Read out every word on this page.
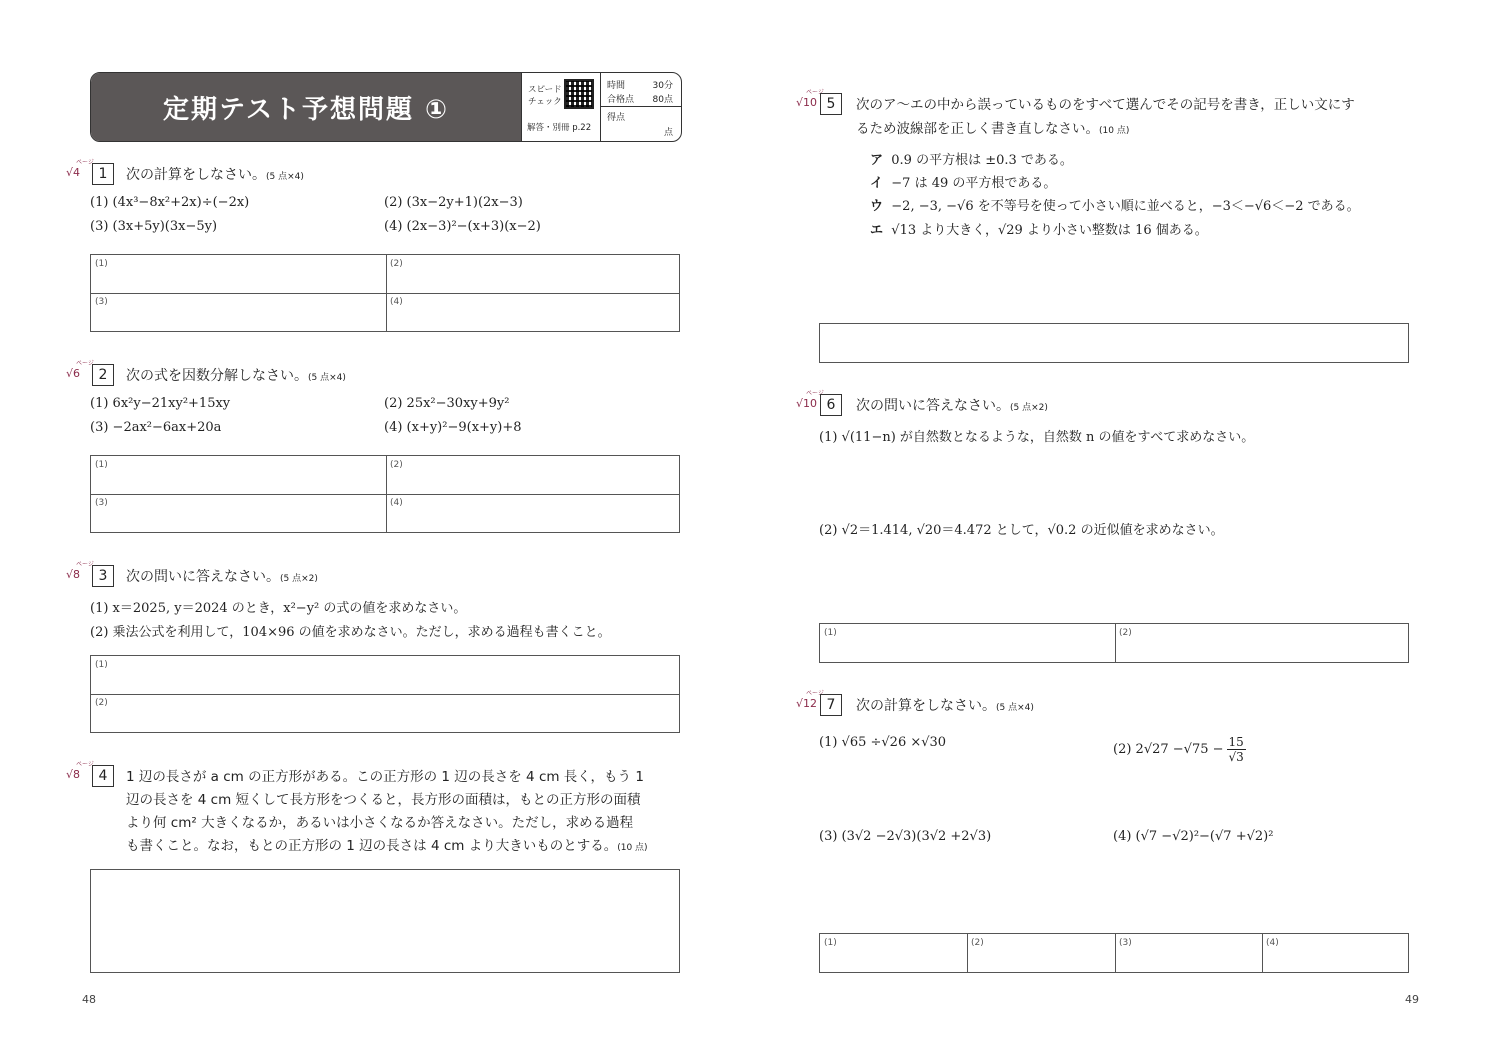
定期テスト予想問題 ①
スピード
チェック
解答・別冊 p.22
時間	30分
合格点 80点
得点
点
ページ
√4	1	次の計算をしなさい。(5 点×4)
(1) (4x³−8x²+2x)÷(−2x)	(2) (3x−2y+1)(2x−3)
(3) (3x+5y)(3x−5y)	(4) (2x−3)²−(x+3)(x−2)
(1)	(2)
(3)	(4)
ページ
√6	2	次の式を因数分解しなさい。(5 点×4)
(1) 6x²y−21xy²+15xy	(2) 25x²−30xy+9y²
(3) −2ax²−6ax+20a	(4) (x+y)²−9(x+y)+8
(1)	(2)
(3)	(4)
ページ
√8	3	次の問いに答えなさい。(5 点×2)
(1) x＝2025, y＝2024 のとき，x²−y² の式の値を求めなさい。
(2) 乗法公式を利用して，104×96 の値を求めなさい。ただし，求める過程も書くこと。
(1)
(2)
ページ
√8	4	1 辺の長さが a cm の正方形がある。この正方形の 1 辺の長さを 4 cm 長く，もう 1
辺の長さを 4 cm 短くして長方形をつくると，長方形の面積は，もとの正方形の面積
より何 cm² 大きくなるか，あるいは小さくなるか答えなさい。ただし，求める過程
も書くこと。なお，もとの正方形の 1 辺の長さは 4 cm より大きいものとする。(10 点)
48
ページ
√10 5	次のア〜エの中から誤っているものをすべて選んでその記号を書き，正しい文にす
るため波線部を正しく書き直しなさい。(10 点)
ア 0.9 の平方根は ±0.3 である。
イ −7 は 49 の平方根である。
ウ −2, −3, −√6 を不等号を使って小さい順に並べると，−3＜−√6＜−2 である。
エ √13 より大きく，√29 より小さい整数は 16 個ある。
ページ
√10 6	次の問いに答えなさい。(5 点×2)
(1) √(11−n) が自然数となるような，自然数 n の値をすべて求めなさい。
(2) √2＝1.414, √20＝4.472 として，√0.2 の近似値を求めなさい。
(1)	(2)
ページ
√12 7	次の計算をしなさい。(5 点×4)
(1) √65 ÷√26 ×√30	(2) $2√27 -√75 - \frac{15}{√3}$
(3) (3√2 −2√3)(3√2 +2√3)	(4) (√7 −√2)²−(√7 +√2)²
(1)	(2)	(3)	(4)
49
